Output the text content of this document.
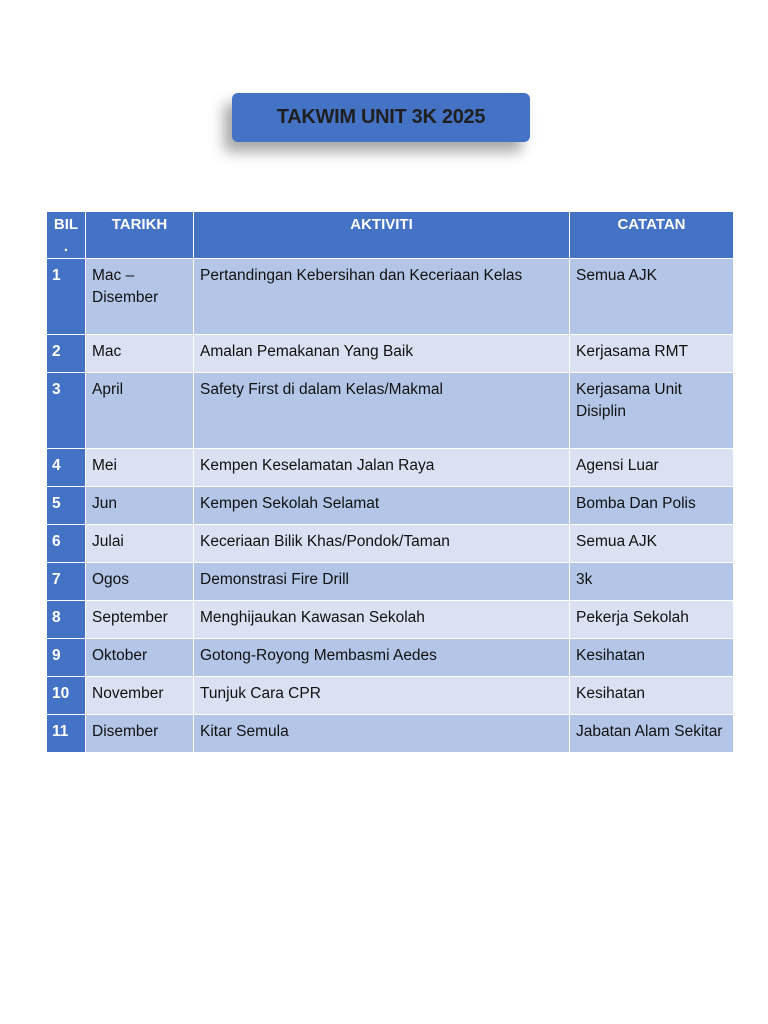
TAKWIM UNIT 3K 2025
BIL .	TARIKH	AKTIVITI	CATATAN
1	Mac – Disember	Pertandingan Kebersihan dan Keceriaan Kelas	Semua AJK
2	Mac	Amalan Pemakanan Yang Baik	Kerjasama RMT
3	April	Safety First di dalam Kelas/Makmal	Kerjasama Unit Disiplin
4	Mei	Kempen Keselamatan Jalan Raya	Agensi Luar
5	Jun	Kempen Sekolah Selamat	Bomba Dan Polis
6	Julai	Keceriaan Bilik Khas/Pondok/Taman	Semua AJK
7	Ogos	Demonstrasi Fire Drill	3k
8	September	Menghijaukan Kawasan Sekolah	Pekerja Sekolah
9	Oktober	Gotong-Royong Membasmi Aedes	Kesihatan
10	November	Tunjuk Cara CPR	Kesihatan
11	Disember	Kitar Semula	Jabatan Alam Sekitar
